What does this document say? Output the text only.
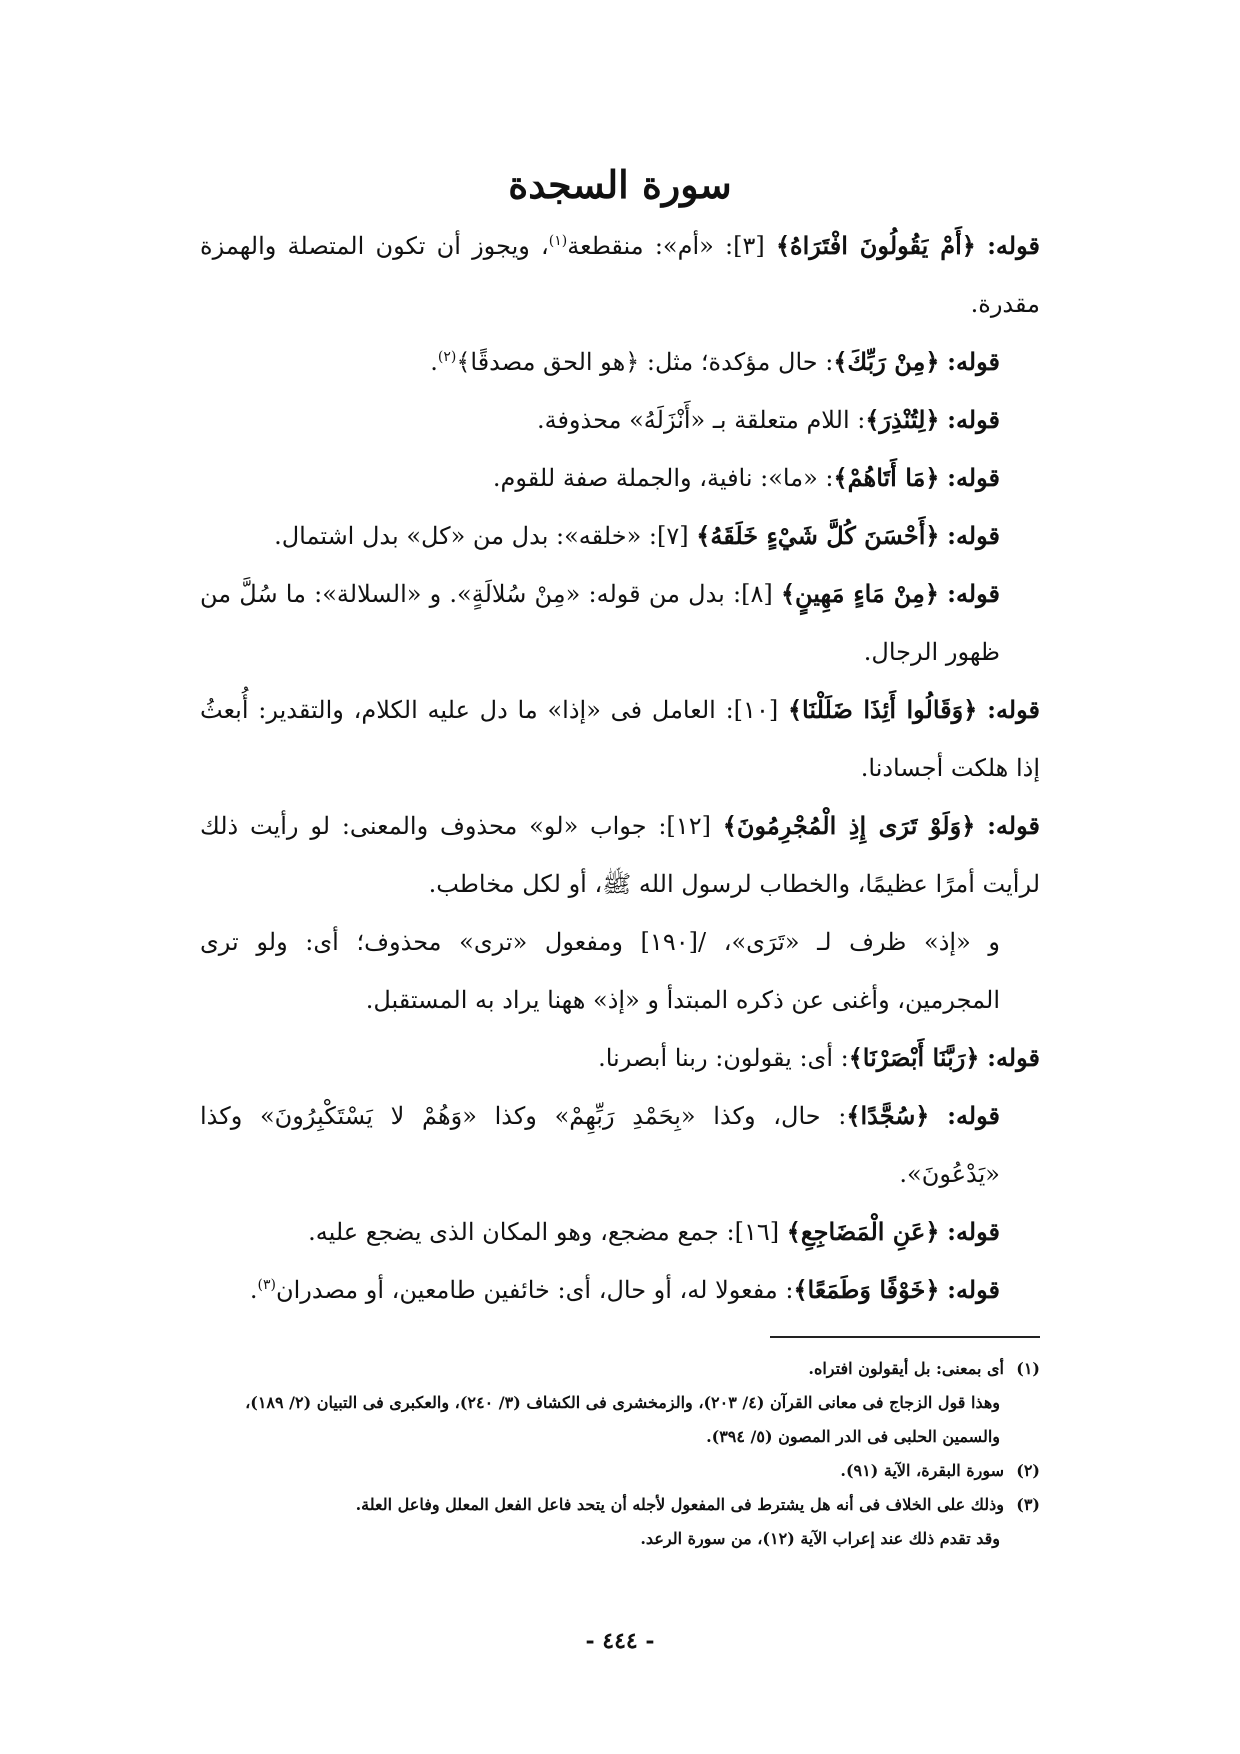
سورة السجدة

قوله: ﴿أَمْ يَقُولُونَ افْتَرَاهُ﴾ [٣]: «أم»: منقطعة$^{(١)}$، ويجوز أن تكون المتصلة والهمزة مقدرة.

قوله: ﴿مِنْ رَبِّكَ﴾: حال مؤكدة؛ مثل: ﴿هو الحق مصدقًا﴾$^{(٢)}$.

قوله: ﴿لِتُنْذِرَ﴾: اللام متعلقة بـ «أَنْزَلَهُ» محذوفة.

قوله: ﴿مَا أَتَاهُمْ﴾: «ما»: نافية، والجملة صفة للقوم.

قوله: ﴿أَحْسَنَ كُلَّ شَيْءٍ خَلَقَهُ﴾ [٧]: «خلقه»: بدل من «كل» بدل اشتمال.

قوله: ﴿مِنْ مَاءٍ مَهِينٍ﴾ [٨]: بدل من قوله: «مِنْ سُلالَةٍ». و «السلالة»: ما سُلَّ من ظهور الرجال.

قوله: ﴿وَقَالُوا أَئِذَا ضَلَلْنَا﴾ [١٠]: العامل فى «إذا» ما دل عليه الكلام، والتقدير: أُبعثُ إذا هلكت أجسادنا.

قوله: ﴿وَلَوْ تَرَى إِذِ الْمُجْرِمُونَ﴾ [١٢]: جواب «لو» محذوف والمعنى: لو رأيت ذلك لرأيت أمرًا عظيمًا، والخطاب لرسول الله ﷺ، أو لكل مخاطب.

و «إذ» ظرف لـ «تَرَى»، /[١٩٠] ومفعول «ترى» محذوف؛ أى: ولو ترى المجرمين، وأغنى عن ذكره المبتدأ و «إذ» ههنا يراد به المستقبل.

قوله: ﴿رَبَّنَا أَبْصَرْنَا﴾: أى: يقولون: ربنا أبصرنا.

قوله: ﴿سُجَّدًا﴾: حال، وكذا «بِحَمْدِ رَبِّهِمْ» وكذا «وَهُمْ لا يَسْتَكْبِرُونَ» وكذا «يَدْعُونَ».

قوله: ﴿عَنِ الْمَضَاجِعِ﴾ [١٦]: جمع مضجع، وهو المكان الذى يضجع عليه.

قوله: ﴿خَوْفًا وَطَمَعًا﴾: مفعولا له، أو حال، أى: خائفين طامعين، أو مصدران$^{(٣)}$.

(١)أى بمعنى: بل أيقولون افتراه.

وهذا قول الزجاج فى معانى القرآن (٤/ ٢٠٣)، والزمخشرى فى الكشاف (٣/ ٢٤٠)، والعكبرى فى التبيان (٢/ ١٨٩)، والسمين الحلبى فى الدر المصون (٥/ ٣٩٤).

(٢)سورة البقرة، الآية (٩١).

(٣)وذلك على الخلاف فى أنه هل يشترط فى المفعول لأجله أن يتحد فاعل الفعل المعلل وفاعل العلة.

وقد تقدم ذلك عند إعراب الآية (١٢)، من سورة الرعد.

- ٤٤٤ -
